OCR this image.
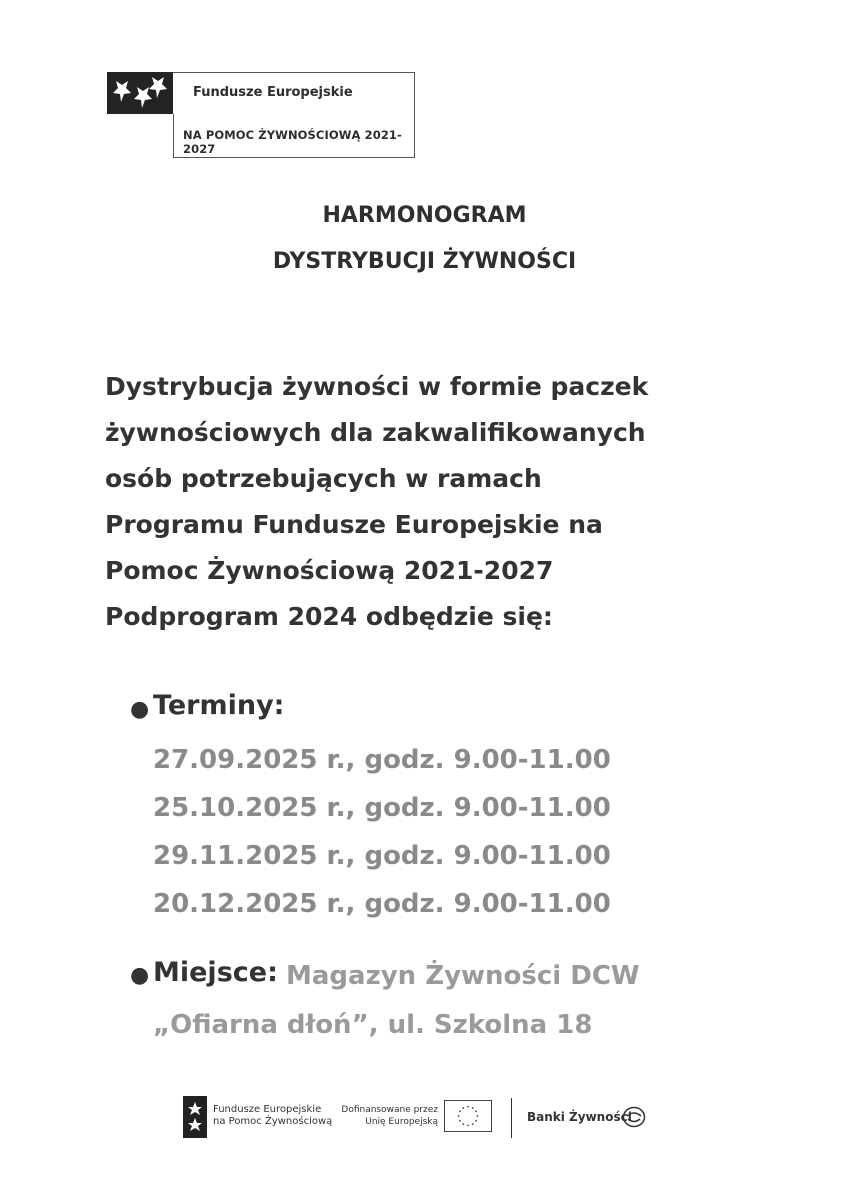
Fundusze Europejskie
NA POMOC ŻYWNOŚCIOWĄ 2021-2027
HARMONOGRAM
DYSTRYBUCJI ŻYWNOŚCI
Dystrybucja żywności w formie paczek
żywnościowych dla zakwalifikowanych
osób potrzebujących w ramach
Programu Fundusze Europejskie na
Pomoc Żywnościową 2021-2027
Podprogram 2024 odbędzie się:
● Terminy:
27.09.2025 r., godz. 9.00-11.00
25.10.2025 r., godz. 9.00-11.00
29.11.2025 r., godz. 9.00-11.00
20.12.2025 r., godz. 9.00-11.00
● Miejsce: Magazyn Żywności DCW
„Ofiarna dłoń”, ul. Szkolna 18
Fundusze Europejskie
na Pomoc Żywnościową
Dofinansowane przez
Unię Europejską	Banki Żywności
